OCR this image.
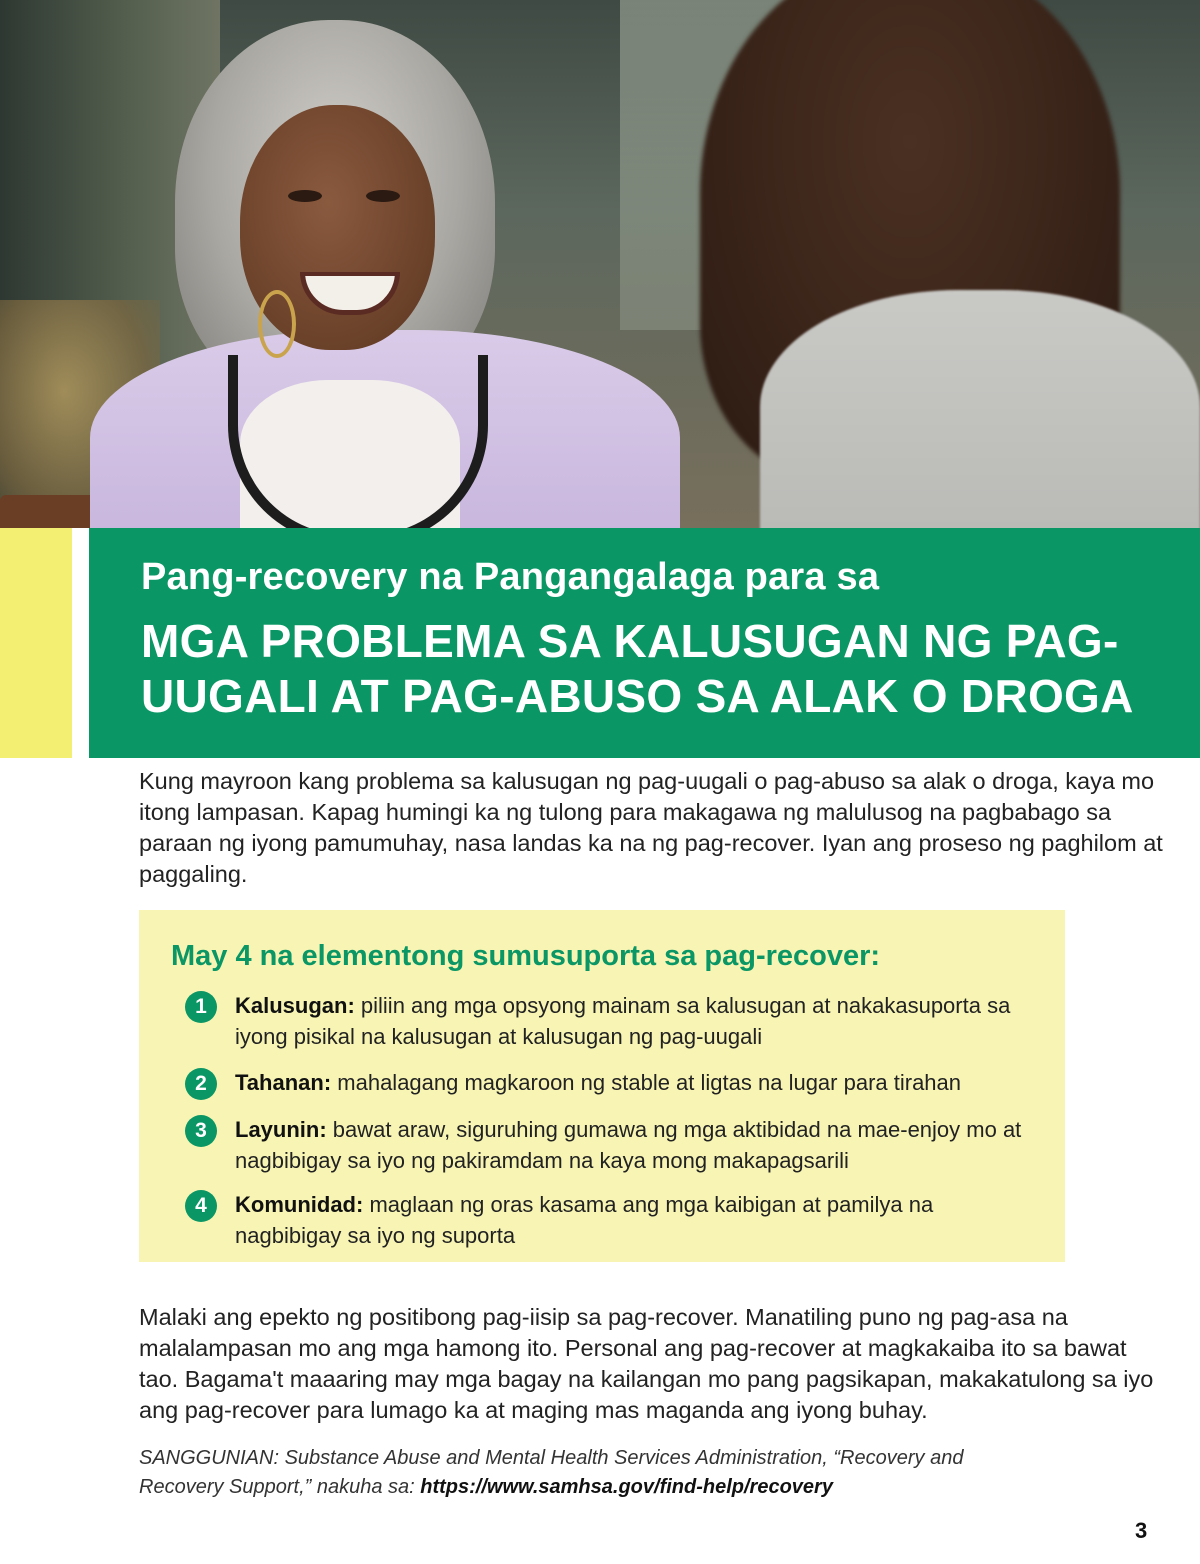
Pang-recovery na Pangangalaga para sa
MGA PROBLEMA SA KALUSUGAN NG PAG-UUGALI AT PAG-ABUSO SA ALAK O DROGA
Kung mayroon kang problema sa kalusugan ng pag-uugali o pag-abuso sa alak o droga, kaya mo itong lampasan. Kapag humingi ka ng tulong para makagawa ng malulusog na pagbabago sa paraan ng iyong pamumuhay, nasa landas ka na ng pag-recover. Iyan ang proseso ng paghilom at paggaling.
May 4 na elementong sumusuporta sa pag-recover:
1	Kalusugan: piliin ang mga opsyong mainam sa kalusugan at nakakasuporta sa iyong pisikal na kalusugan at kalusugan ng pag-uugali
2	Tahanan: mahalagang magkaroon ng stable at ligtas na lugar para tirahan
3	Layunin: bawat araw, siguruhing gumawa ng mga aktibidad na mae-enjoy mo at nagbibigay sa iyo ng pakiramdam na kaya mong makapagsarili
4	Komunidad: maglaan ng oras kasama ang mga kaibigan at pamilya na nagbibigay sa iyo ng suporta
Malaki ang epekto ng positibong pag-iisip sa pag-recover. Manatiling puno ng pag-asa na malalampasan mo ang mga hamong ito. Personal ang pag-recover at magkakaiba ito sa bawat tao. Bagama't maaaring may mga bagay na kailangan mo pang pagsikapan, makakatulong sa iyo ang pag-recover para lumago ka at maging mas maganda ang iyong buhay.
SANGGUNIAN: Substance Abuse and Mental Health Services Administration, “Recovery and Recovery Support,” nakuha sa: https://www.samhsa.gov/find-help/recovery
3
